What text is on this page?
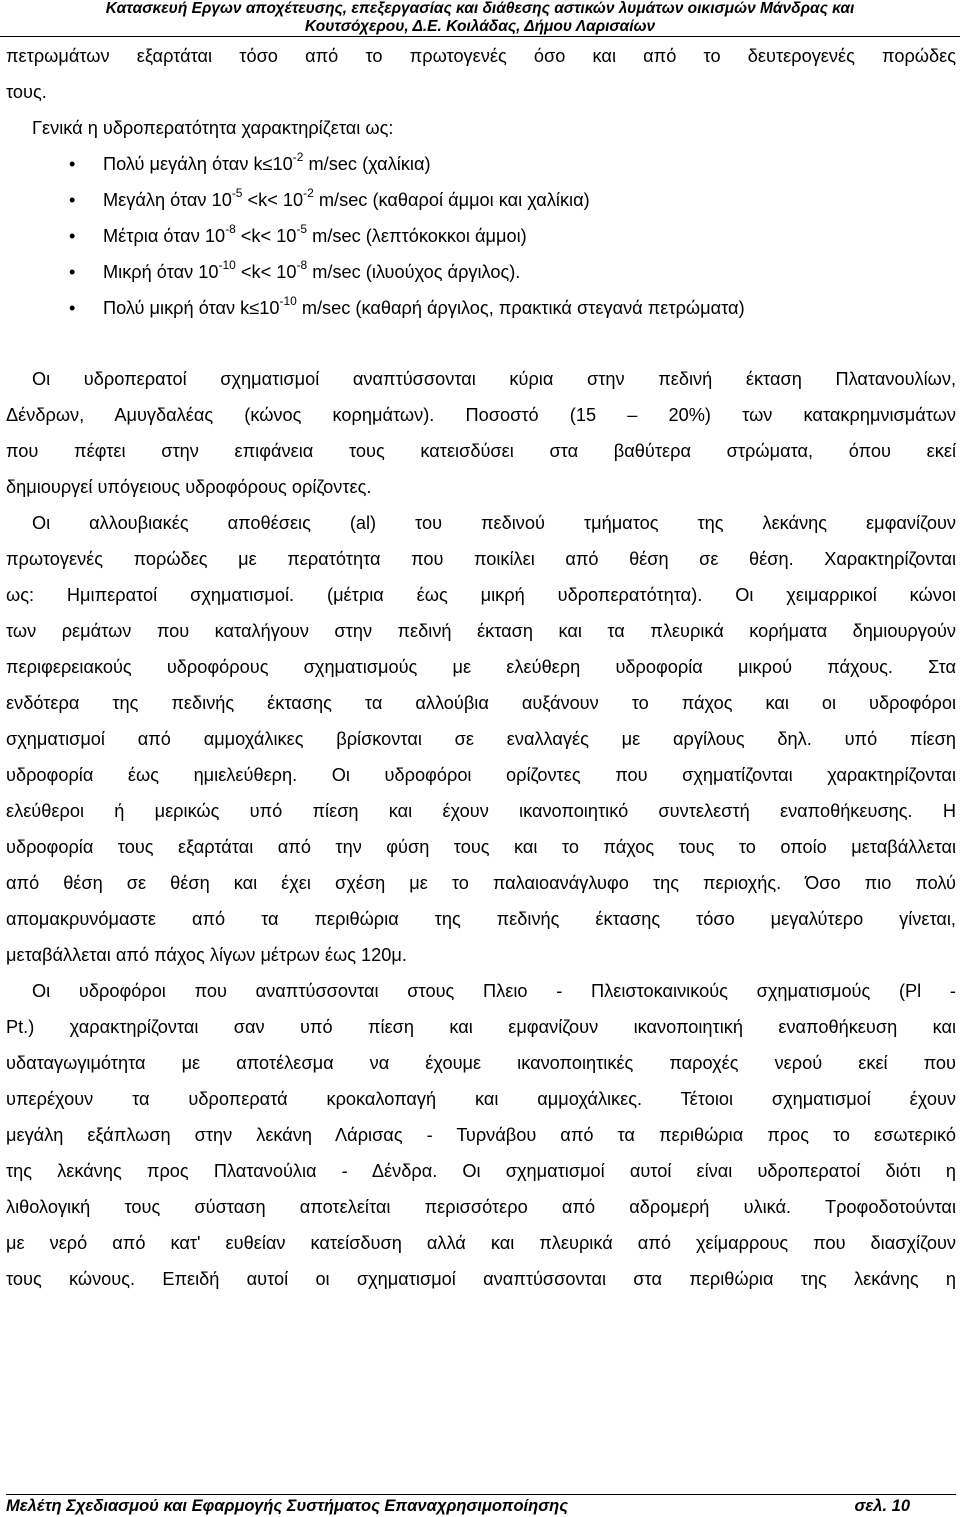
Κατασκευή Εργων αποχέτευσης, επεξεργασίας και διάθεσης αστικών λυμάτων οικισμών Μάνδρας και
Κουτσόχερου, Δ.Ε. Κοιλάδας, Δήμου Λαρισαίων
πετρωμάτων εξαρτάται τόσο από το πρωτογενές όσο και από το δευτερογενές πορώδες
τους.
Γενικά η υδροπερατότητα χαρακτηρίζεται ως:
• Πολύ μεγάλη όταν $k\le 10^{-2}$ m/sec (χαλίκια)
• Μεγάλη όταν $10^{-5} <k< 10^{-2}$ m/sec (καθαροί άμμοι και χαλίκια)
• Μέτρια όταν $10^{-8} <k< 10^{-5}$ m/sec (λεπτόκοκκοι άμμοι)
• Μικρή όταν $10^{-10} <k< 10^{-8}$ m/sec (ιλυούχος άργιλος).
• Πολύ μικρή όταν $k\le 10^{-10}$ m/sec (καθαρή άργιλος, πρακτικά στεγανά πετρώματα)
Οι υδροπερατοί σχηματισμοί αναπτύσσονται κύρια στην πεδινή έκταση Πλατανουλίων,
Δένδρων, Αμυγδαλέας (κώνος κορημάτων). Ποσοστό (15 – 20%) των κατακρημνισμάτων
που πέφτει στην επιφάνεια τους κατεισδύσει στα βαθύτερα στρώματα, όπου εκεί
δημιουργεί υπόγειους υδροφόρους ορίζοντες.
Οι αλλουβιακές αποθέσεις (al) του πεδινού τμήματος της λεκάνης εμφανίζουν
πρωτογενές πορώδες με περατότητα που ποικίλει από θέση σε θέση. Χαρακτηρίζονται
ως: Ημιπερατοί σχηματισμοί. (μέτρια έως μικρή υδροπερατότητα). Οι χειμαρρικοί κώνοι
των ρεμάτων που καταλήγουν στην πεδινή έκταση και τα πλευρικά κορήματα δημιουργούν
περιφερειακούς υδροφόρους σχηματισμούς με ελεύθερη υδροφορία μικρού πάχους. Στα
ενδότερα της πεδινής έκτασης τα αλλούβια αυξάνουν το πάχος και οι υδροφόροι
σχηματισμοί από αμμοχάλικες βρίσκονται σε εναλλαγές με αργίλους δηλ. υπό πίεση
υδροφορία έως ημιελεύθερη. Οι υδροφόροι ορίζοντες που σχηματίζονται χαρακτηρίζονται
ελεύθεροι ή μερικώς υπό πίεση και έχουν ικανοποιητικό συντελεστή εναποθήκευσης. Η
υδροφορία τους εξαρτάται από την φύση τους και το πάχος τους το οποίο μεταβάλλεται
από θέση σε θέση και έχει σχέση με το παλαιοανάγλυφο της περιοχής. Όσο πιο πολύ
απομακρυνόμαστε από τα περιθώρια της πεδινής έκτασης τόσο μεγαλύτερο γίνεται,
μεταβάλλεται από πάχος λίγων μέτρων έως 120μ.
Οι υδροφόροι που αναπτύσσονται στους Πλειο - Πλειστοκαινικούς σχηματισμούς (Pl -
Pt.) χαρακτηρίζονται σαν υπό πίεση και εμφανίζουν ικανοποιητική εναποθήκευση και
υδαταγωγιμότητα με αποτέλεσμα να έχουμε ικανοποιητικές παροχές νερού εκεί που
υπερέχουν τα υδροπερατά κροκαλοπαγή και αμμοχάλικες. Τέτοιοι σχηματισμοί έχουν
μεγάλη εξάπλωση στην λεκάνη Λάρισας - Τυρνάβου από τα περιθώρια προς το εσωτερικό
της λεκάνης προς Πλατανούλια - Δένδρα. Οι σχηματισμοί αυτοί είναι υδροπερατοί διότι η
λιθολογική τους σύσταση αποτελείται περισσότερο από αδρομερή υλικά. Τροφοδοτούνται
με νερό από κατ' ευθείαν κατείσδυση αλλά και πλευρικά από χείμαρρους που διασχίζουν
τους κώνους. Επειδή αυτοί οι σχηματισμοί αναπτύσσονται στα περιθώρια της λεκάνης η
Μελέτη Σχεδιασμού και Εφαρμογής Συστήματος Επαναχρησιμοποίησης	σελ. 10
